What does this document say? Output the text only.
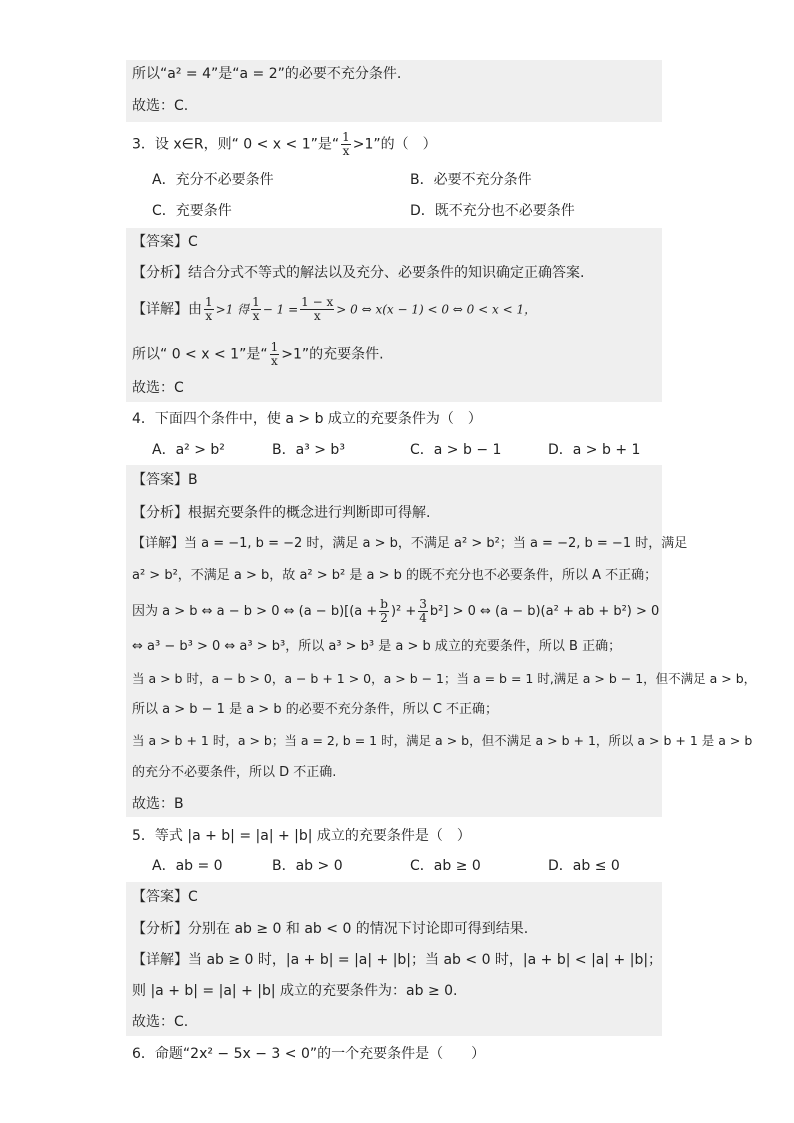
所以“a² = 4”是“a = 2”的必要不充分条件.
故选：C.
3．设 x∈R，则“ 0 < x < 1”是“ $\frac{1}{x} >1$”的（　）
A．充分不必要条件	B．必要不充分条件
C．充要条件	D．既不充分也不必要条件
【答案】C
【分析】结合分式不等式的解法以及充分、必要条件的知识确定正确答案.
【详解】由 $\frac{1}{x} >1$ 得 $\frac{1}{x} - 1 = \frac{1 - x}{x} > 0$ ⇔ x(x − 1) < 0 ⇔ 0 < x < 1，
所以“ 0 < x < 1”是“ $\frac{1}{x} >1$”的充要条件.
故选：C
4．下面四个条件中，使 a > b 成立的充要条件为（　）
A．a² > b²	B．a³ > b³	C．a > b − 1	D．a > b + 1
【答案】B
【分析】根据充要条件的概念进行判断即可得解.
【详解】当 a = −1, b = −2 时，满足 a > b，不满足 a² > b²；当 a = −2, b = −1 时，满足
a² > b²，不满足 a > b，故 a² > b² 是 a > b 的既不充分也不必要条件，所以 A 不正确；
因为 a > b ⇔ a − b > 0 ⇔ $(a - b)[(a + \frac{b}{2} )^2 + \frac{3}{4} b^2] > 0$ ⇔ (a − b)(a² + ab + b²) > 0
⇔ a³ − b³ > 0 ⇔ a³ > b³，所以 a³ > b³ 是 a > b 成立的充要条件，所以 B 正确；
当 a > b 时，a − b > 0，a − b + 1 > 0，a > b − 1；当 a = b = 1 时,满足 a > b − 1，但不满足 a > b，
所以 a > b − 1 是 a > b 的必要不充分条件，所以 C 不正确；
当 a > b + 1 时，a > b；当 a = 2, b = 1 时，满足 a > b，但不满足 a > b + 1，所以 a > b + 1 是 a > b
的充分不必要条件，所以 D 不正确.
故选：B
5．等式 |a + b| = |a| + |b| 成立的充要条件是（　）
A．ab = 0	B．ab > 0	C．ab ≥ 0	D．ab ≤ 0
【答案】C
【分析】分别在 ab ≥ 0 和 ab < 0 的情况下讨论即可得到结果.
【详解】当 ab ≥ 0 时，|a + b| = |a| + |b|；当 ab < 0 时，|a + b| < |a| + |b|；
则 |a + b| = |a| + |b| 成立的充要条件为：ab ≥ 0.
故选：C.
6．命题“2x² − 5x − 3 < 0”的一个充要条件是（　　）
